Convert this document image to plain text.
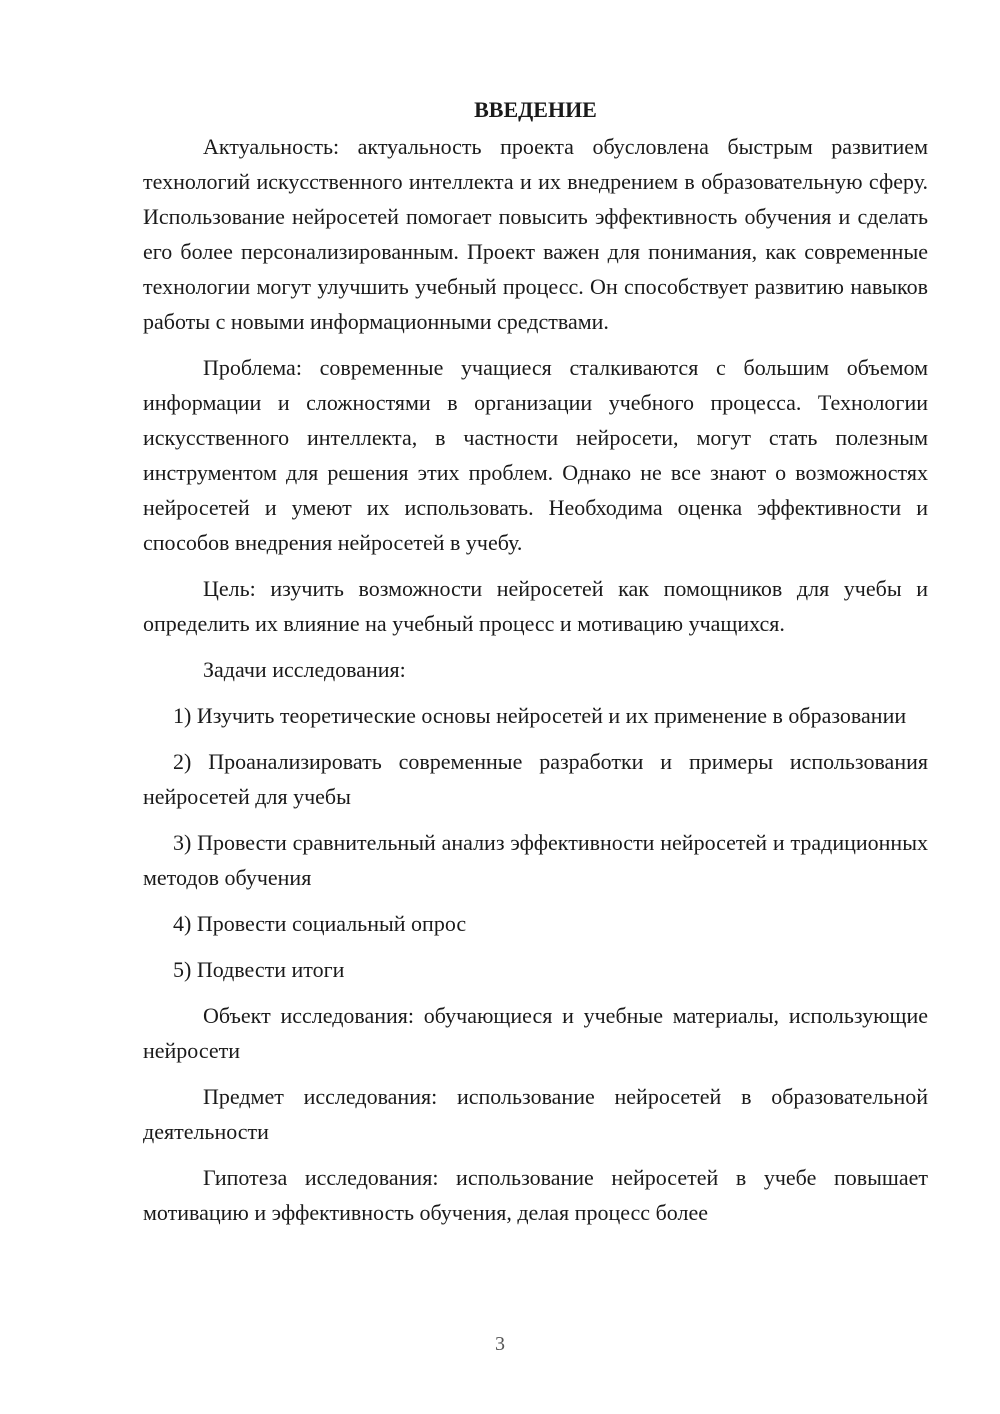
ВВЕДЕНИЕ

Актуальность: актуальность проекта обусловлена быстрым развитием технологий искусственного интеллекта и их внедрением в образовательную сферу. Использование нейросетей помогает повысить эффективность обучения и сделать его более персонализированным. Проект важен для понимания, как современные технологии могут улучшить учебный процесс. Он способствует развитию навыков работы с новыми информационными средствами.

Проблема: современные учащиеся сталкиваются с большим объемом информации и сложностями в организации учебного процесса. Технологии искусственного интеллекта, в частности нейросети, могут стать полезным инструментом для решения этих проблем. Однако не все знают о возможностях нейросетей и умеют их использовать. Необходима оценка эффективности и способов внедрения нейросетей в учебу.

Цель: изучить возможности нейросетей как помощников для учебы и определить их влияние на учебный процесс и мотивацию учащихся.

Задачи исследования:

1) Изучить теоретические основы нейросетей и их применение в образовании

2) Проанализировать современные разработки и примеры использования нейросетей для учебы

3) Провести сравнительный анализ эффективности нейросетей и традиционных методов обучения

4) Провести социальный опрос

5) Подвести итоги

Объект исследования: обучающиеся и учебные материалы, использующие нейросети

Предмет исследования: использование нейросетей в образовательной деятельности

Гипотеза исследования: использование нейросетей в учебе повышает мотивацию и эффективность обучения, делая процесс более

3
